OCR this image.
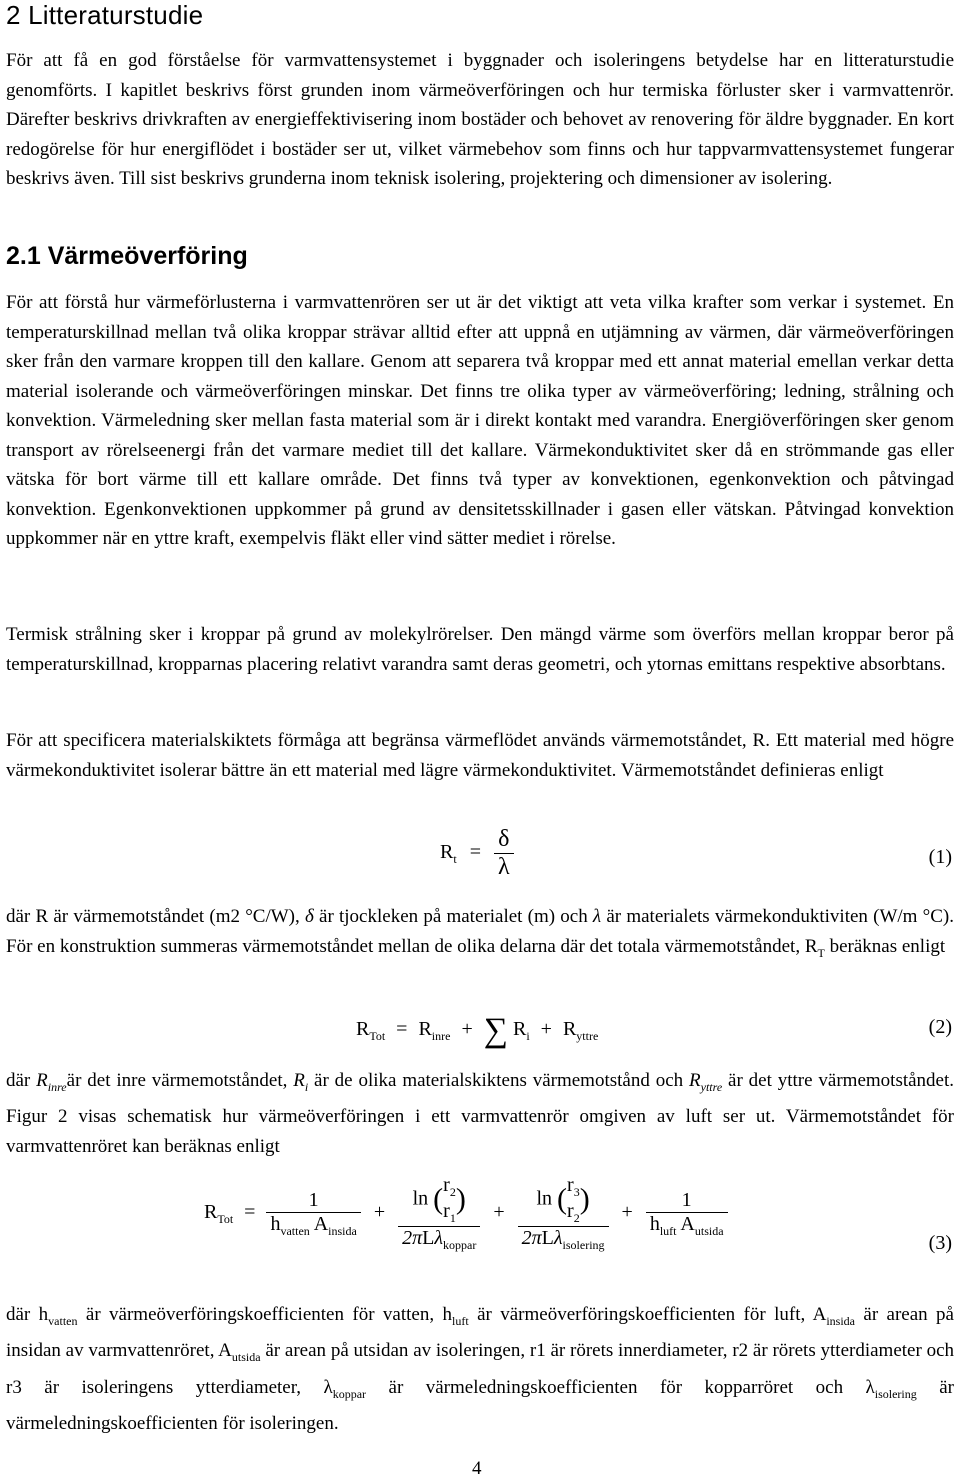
2 Litteraturstudie

För att få en god förståelse för varmvattensystemet i byggnader och isoleringens betydelse har en litteraturstudie genomförts. I kapitlet beskrivs först grunden inom värmeöverföringen och hur termiska förluster sker i varmvattenrör. Därefter beskrivs drivkraften av energieffektivisering inom bostäder och behovet av renovering för äldre byggnader. En kort redogörelse för hur energiflödet i bostäder ser ut, vilket värmebehov som finns och hur tappvarmvattensystemet fungerar beskrivs även. Till sist beskrivs grunderna inom teknisk isolering, projektering och dimensioner av isolering.

2.1 Värmeöverföring

För att förstå hur värmeförlusterna i varmvattenrören ser ut är det viktigt att veta vilka krafter som verkar i systemet. En temperaturskillnad mellan två olika kroppar strävar alltid efter att uppnå en utjämning av värmen, där värmeöverföringen sker från den varmare kroppen till den kallare. Genom att separera två kroppar med ett annat material emellan verkar detta material isolerande och värmeöverföringen minskar. Det finns tre olika typer av värmeöverföring; ledning, strålning och konvektion. Värmeledning sker mellan fasta material som är i direkt kontakt med varandra. Energiöverföringen sker genom transport av rörelseenergi från det varmare mediet till det kallare. Värmekonduktivitet sker då en strömmande gas eller vätska för bort värme till ett kallare område. Det finns två typer av konvektionen, egenkonvektion och påtvingad konvektion. Egenkonvektionen uppkommer på grund av densitetsskillnader i gasen eller vätskan. Påtvingad konvektion uppkommer när en yttre kraft, exempelvis fläkt eller vind sätter mediet i rörelse.

Termisk strålning sker i kroppar på grund av molekylrörelser. Den mängd värme som överförs mellan kroppar beror på temperaturskillnad, kropparnas placering relativt varandra samt deras geometri, och ytornas emittans respektive absorbtans.

För att specificera materialskiktets förmåga att begränsa värmeflödet används värmemotståndet, R. Ett material med högre värmekonduktivitet isolerar bättre än ett material med lägre värmekonduktivitet. Värmemotståndet definieras enligt

$R_t = \frac{\delta}{\lambda}$	(1)

där R är värmemotståndet (m2 °C/W), δ är tjockleken på materialet (m) och λ är materialets värmekonduktiviten (W/m °C). För en konstruktion summeras värmemotståndet mellan de olika delarna där det totala värmemotståndet, $R_T$ beräknas enligt

$R_{Tot} = R_{inre}$ + ∑ $R_i + R_{yttre}$	(2)

där $R_{inre}är$ det inre värmemotståndet, $R_i$ är de olika materialskiktens värmemotstånd och $R_{yttre}$ är det yttre värmemotståndet. Figur 2 visas schematisk hur värmeöverföringen i ett varmvattenrör omgiven av luft ser ut. Värmemotståndet för varmvattenröret kan beräknas enligt

$R_{Tot} = \frac{1}{h_{vatten} A_{insida}} + \ln$ ( $r_2$
$r_1$
)
2πLλ$_{koppar}$ + ln ( $r_3$
$r_2$
)
$2\pi L\lambda_{isolering} + \frac{1}{h_{luft} A_{utsida}}$
(3)

där $h_{vatten}$ är värmeöverföringskoefficienten för vatten, $h_{luft}$ är värmeöverföringskoefficienten för luft, $A_{insida}$ är arean på insidan av varmvattenröret, $A_{utsida}$ är arean på utsidan av isoleringen, r1 är rörets innerdiameter, r2 är rörets ytterdiameter och r3 är isoleringens ytterdiameter, $\lambda_{koppar}$ är värmeledningskoefficienten för kopparröret och $\lambda_{isolering}$ är värmeledningskoefficienten för isoleringen.

4
